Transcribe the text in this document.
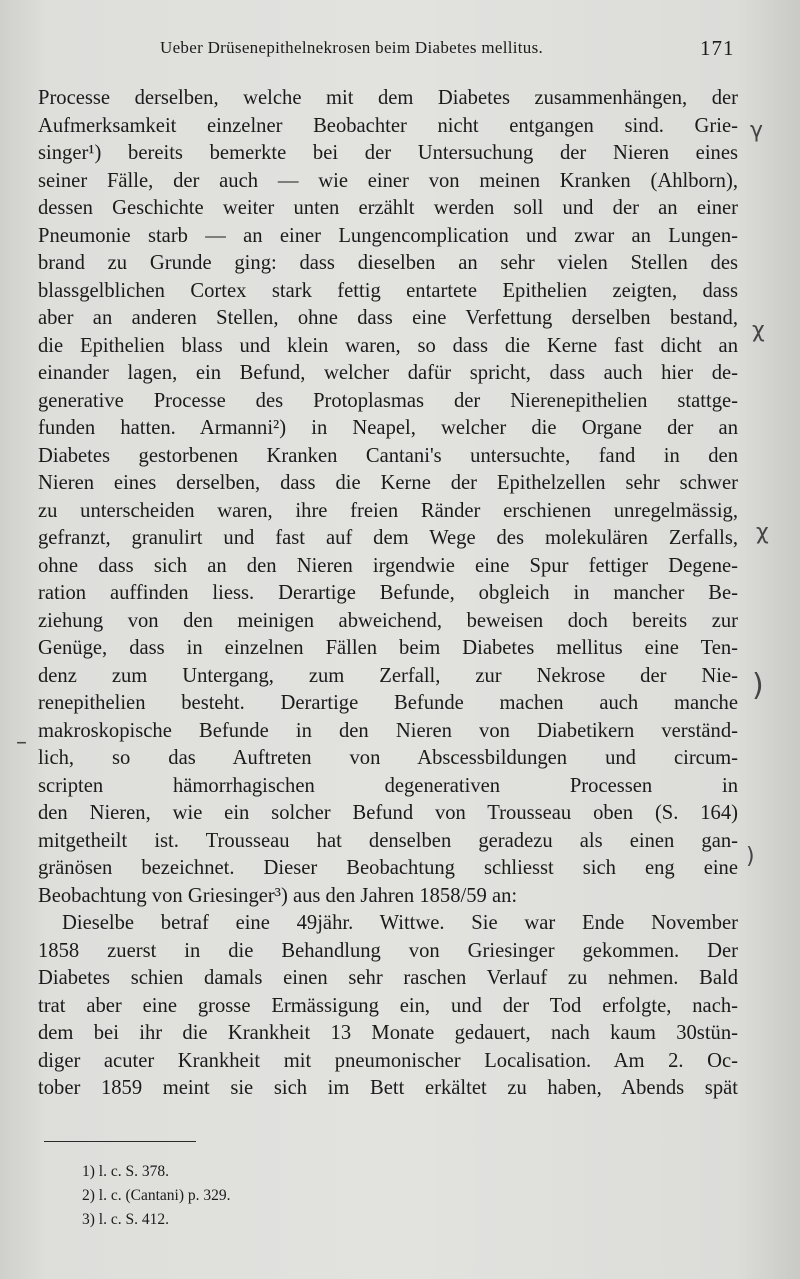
Ueber Drüsenepithelnekrosen beim Diabetes mellitus.	171
Processe derselben, welche mit dem Diabetes zusammenhängen, der
Aufmerksamkeit einzelner Beobachter nicht entgangen sind. Grie-
singer¹) bereits bemerkte bei der Untersuchung der Nieren eines
seiner Fälle, der auch — wie einer von meinen Kranken (Ahlborn),
dessen Geschichte weiter unten erzählt werden soll und der an einer
Pneumonie starb — an einer Lungencomplication und zwar an Lungen-
brand zu Grunde ging: dass dieselben an sehr vielen Stellen des
blassgelblichen Cortex stark fettig entartete Epithelien zeigten, dass
aber an anderen Stellen, ohne dass eine Verfettung derselben bestand,
die Epithelien blass und klein waren, so dass die Kerne fast dicht an
einander lagen, ein Befund, welcher dafür spricht, dass auch hier de-
generative Processe des Protoplasmas der Nierenepithelien stattge-
funden hatten. Armanni²) in Neapel, welcher die Organe der an
Diabetes gestorbenen Kranken Cantani's untersuchte, fand in den
Nieren eines derselben, dass die Kerne der Epithelzellen sehr schwer
zu unterscheiden waren, ihre freien Ränder erschienen unregelmässig,
gefranzt, granulirt und fast auf dem Wege des molekulären Zerfalls,
ohne dass sich an den Nieren irgendwie eine Spur fettiger Degene-
ration auffinden liess. Derartige Befunde, obgleich in mancher Be-
ziehung von den meinigen abweichend, beweisen doch bereits zur
Genüge, dass in einzelnen Fällen beim Diabetes mellitus eine Ten-
denz zum Untergang, zum Zerfall, zur Nekrose der Nie-
renepithelien besteht. Derartige Befunde machen auch manche
makroskopische Befunde in den Nieren von Diabetikern verständ-
lich, so das Auftreten von Abscessbildungen und circum-
scripten hämorrhagischen degenerativen Processen in
den Nieren, wie ein solcher Befund von Trousseau oben (S. 164)
mitgetheilt ist. Trousseau hat denselben geradezu als einen gan-
gränösen bezeichnet. Dieser Beobachtung schliesst sich eng eine
Beobachtung von Griesinger³) aus den Jahren 1858/59 an:
Dieselbe betraf eine 49jähr. Wittwe. Sie war Ende November
1858 zuerst in die Behandlung von Griesinger gekommen. Der
Diabetes schien damals einen sehr raschen Verlauf zu nehmen. Bald
trat aber eine grosse Ermässigung ein, und der Tod erfolgte, nach-
dem bei ihr die Krankheit 13 Monate gedauert, nach kaum 30stün-
diger acuter Krankheit mit pneumonischer Localisation. Am 2. Oc-
tober 1859 meint sie sich im Bett erkältet zu haben, Abends spät
1) l. c. S. 378.
2) l. c. (Cantani) p. 329.
3) l. c. S. 412.
γ
χ
χ
)
)
–
